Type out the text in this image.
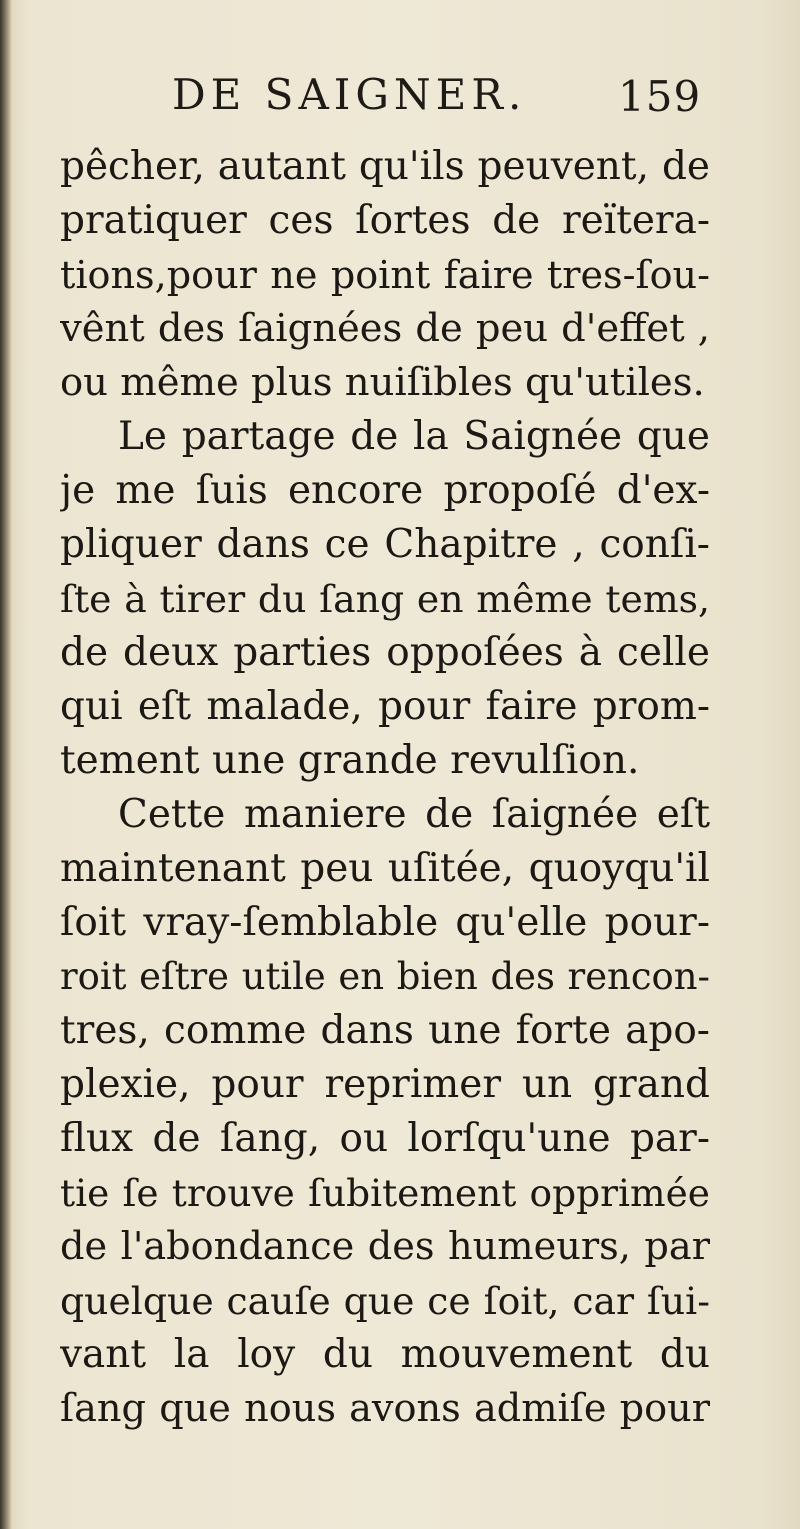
DE SAIGNER. 159
pêcher, autant qu'ils peuvent, de
pratiquer ces ſortes de reïtera-
tions,pour ne point faire tres-ſou-
vênt des ſaignées de peu d'effet ,
ou même plus nuiſibles qu'utiles.
Le partage de la Saignée que
je me ſuis encore propoſé d'ex-
pliquer dans ce Chapitre , conſi-
ſte à tirer du ſang en même tems,
de deux parties oppoſées à celle
qui eſt malade, pour faire prom-
tement une grande revulſion.
Cette maniere de ſaignée eſt
maintenant peu uſitée, quoyqu'il
ſoit vray-ſemblable qu'elle pour-
roit eſtre utile en bien des rencon-
tres, comme dans une forte apo-
plexie, pour reprimer un grand
flux de ſang, ou lorſqu'une par-
tie ſe trouve ſubitement opprimée
de l'abondance des humeurs, par
quelque cauſe que ce ſoit, car ſui-
vant la loy du mouvement du
ſang que nous avons admiſe pour
